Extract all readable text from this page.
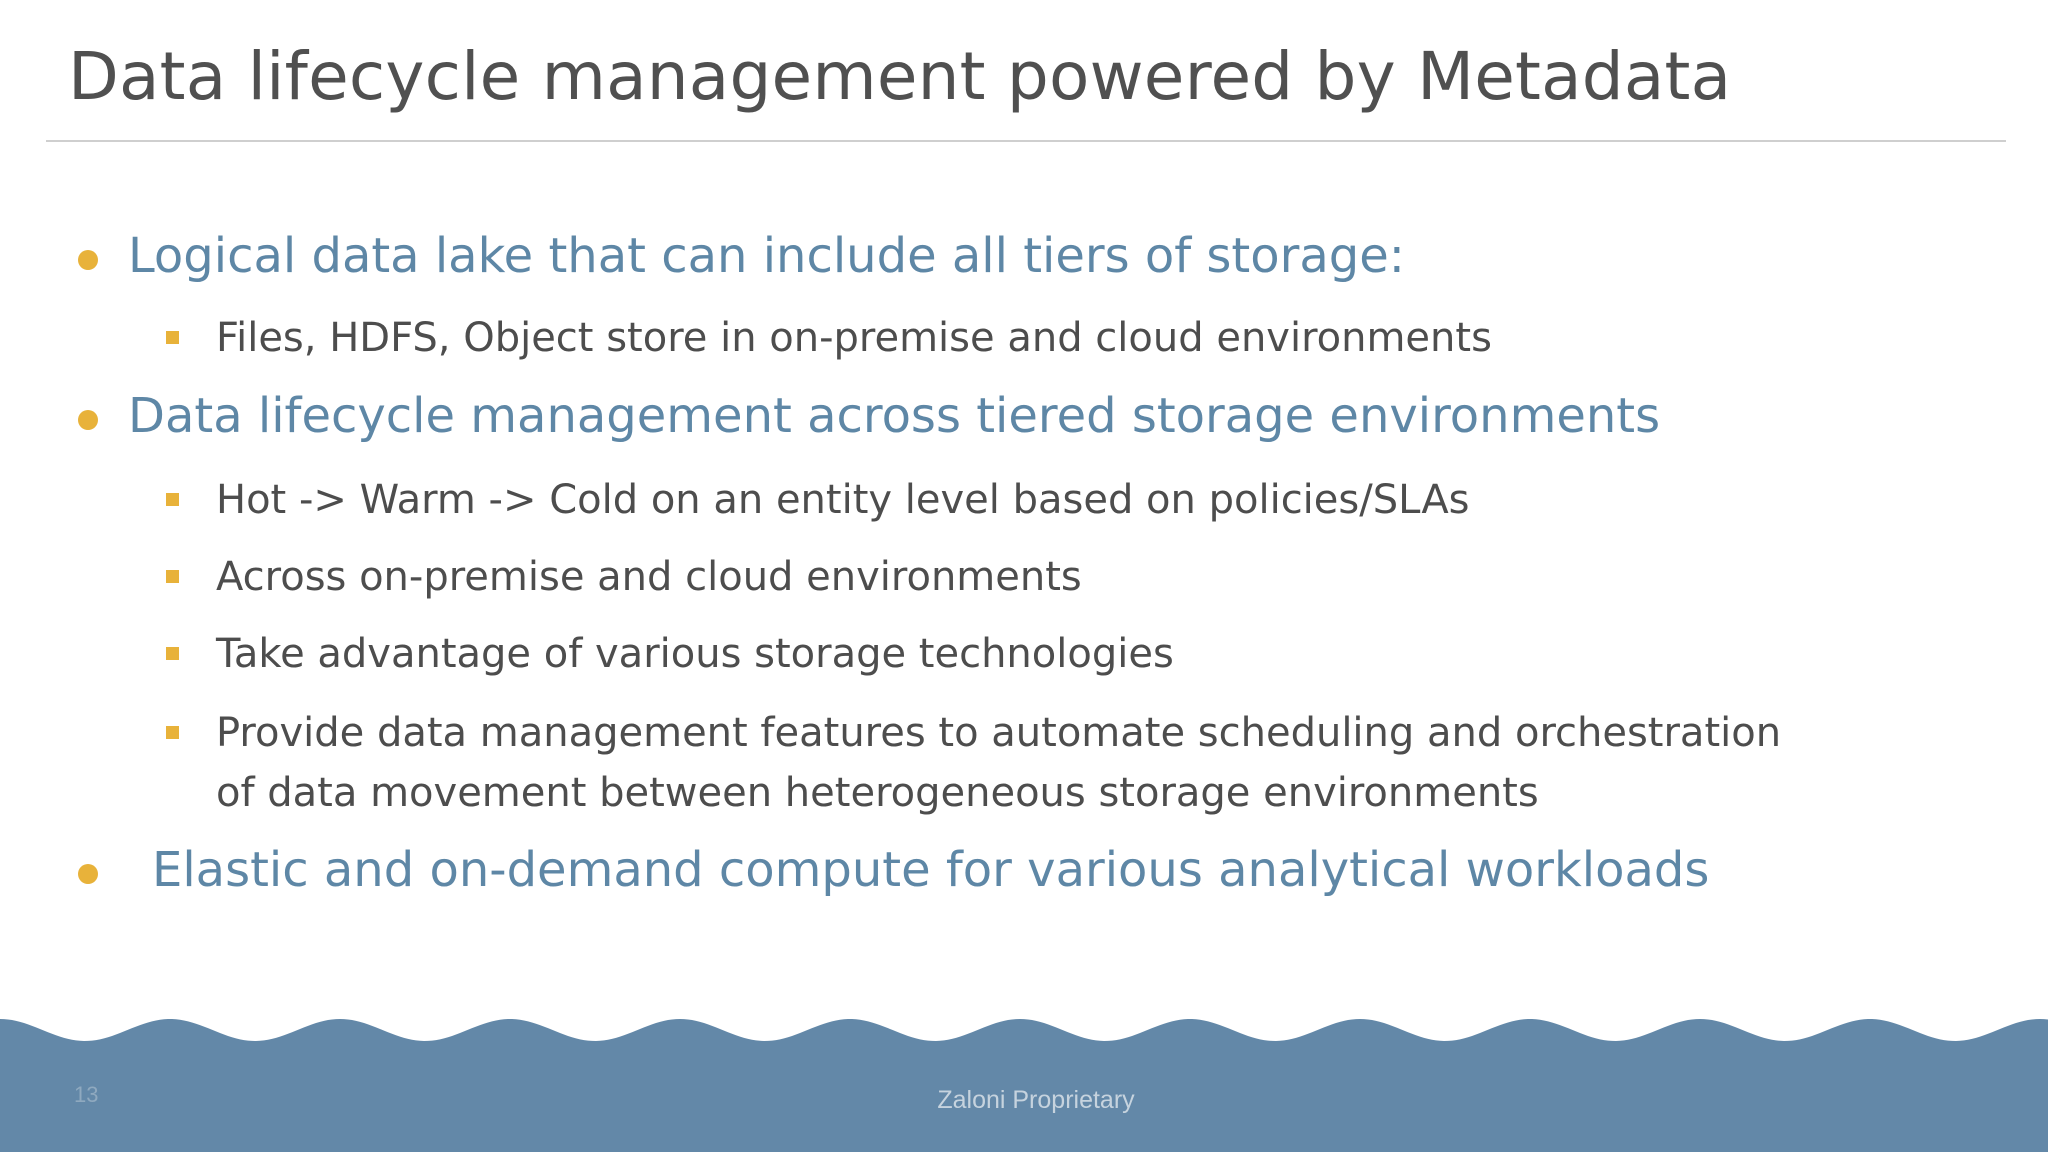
Data lifecycle management powered by Metadata
Logical data lake that can include all tiers of storage:
Files, HDFS, Object store in on-premise and cloud environments
Data lifecycle management across tiered storage environments
Hot -> Warm -> Cold on an entity level based on policies/SLAs
Across on-premise and cloud environments
Take advantage of various storage technologies
Provide data management features to automate scheduling and orchestration
of data movement between heterogeneous storage environments
Elastic and on-demand compute for various analytical workloads
13	Zaloni Proprietary
